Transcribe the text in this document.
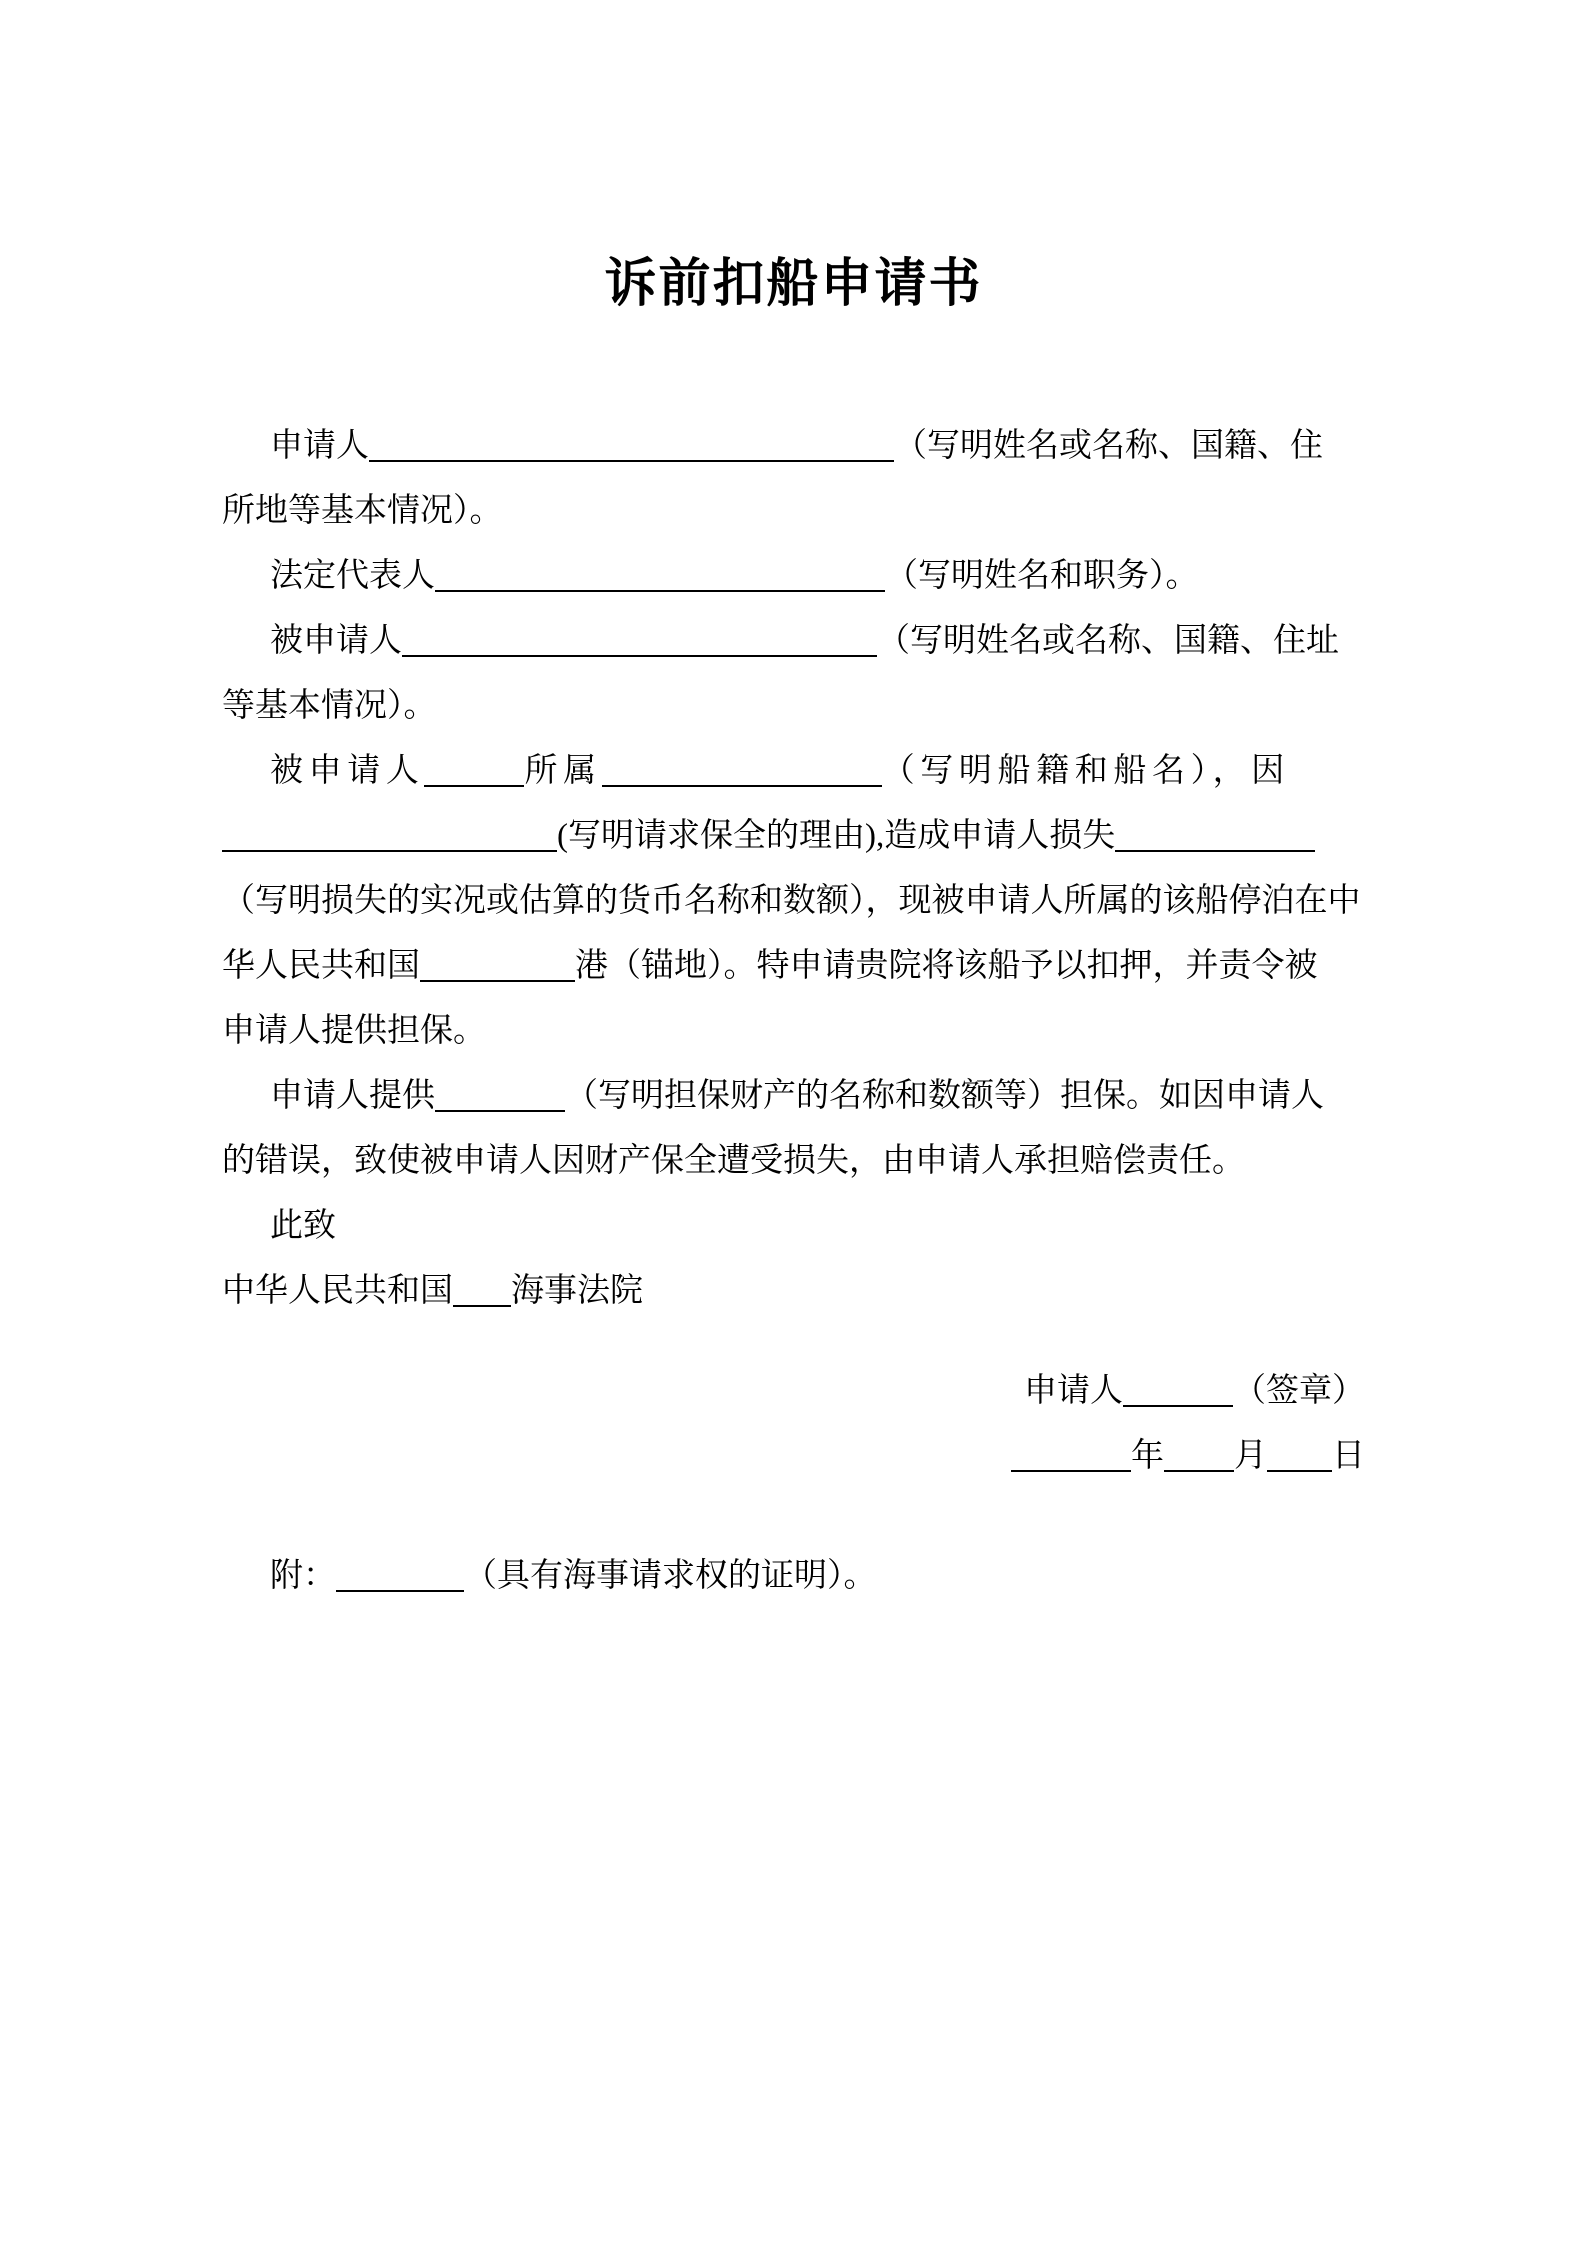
诉前扣船申请书
申请人	（写明姓名或名称、国籍、住
所地等基本情况）。
法定代表人	（写明姓名和职务）。
被申请人	（写明姓名或名称、国籍、住址
等基本情况）。
被申请人	所属	（写明船籍和船名），因
(写明请求保全的理由),造成申请人损失
（写明损失的实况或估算的货币名称和数额），现被申请人所属的该船停泊在中
华人民共和国	港（锚地）。特申请贵院将该船予以扣押，并责令被
申请人提供担保。
申请人提供	（写明担保财产的名称和数额等）担保。如因申请人
的错误，致使被申请人因财产保全遭受损失，由申请人承担赔偿责任。
此致
中华人民共和国 海事法院
申请人	（签章）
年 月 日
附：	（具有海事请求权的证明）。
